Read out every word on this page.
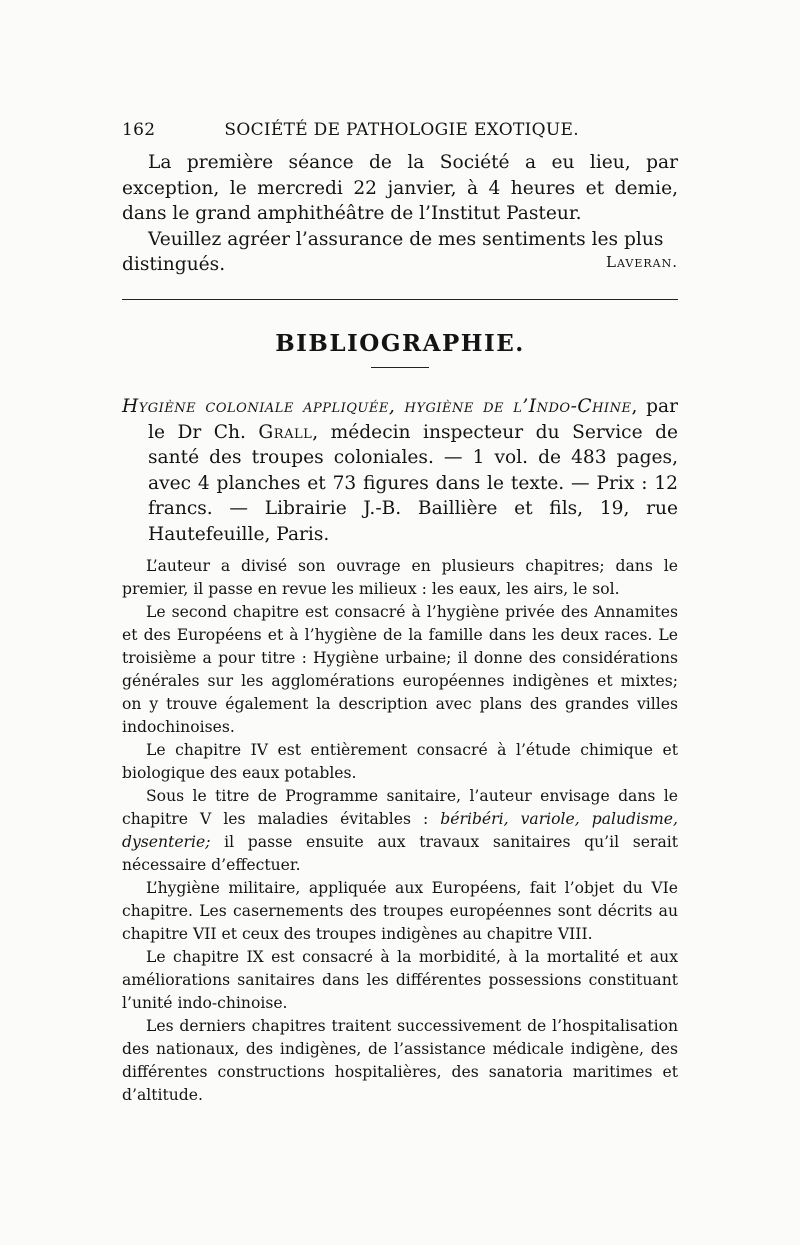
162	SOCIÉTÉ DE PATHOLOGIE EXOTIQUE.

La première séance de la Société a eu lieu, par exception, le mercredi 22 janvier, à 4 heures et demie, dans le grand amphithéâtre de l’Institut Pasteur.

Veuillez agréer l’assurance de mes sentiments les plus distingués.	Laveran.
BIBLIOGRAPHIE.

Hygiène coloniale appliquée, hygiène de l’Indo-Chine, par le Dr Ch. Grall, médecin inspecteur du Service de santé des troupes coloniales. — 1 vol. de 483 pages, avec 4 planches et 73 figures dans le texte. — Prix : 12 francs. — Librairie J.-B. Baillière et fils, 19, rue Hautefeuille, Paris.

L’auteur a divisé son ouvrage en plusieurs chapitres; dans le premier, il passe en revue les milieux : les eaux, les airs, le sol.

Le second chapitre est consacré à l’hygiène privée des Annamites et des Européens et à l’hygiène de la famille dans les deux races. Le troisième a pour titre : Hygiène urbaine; il donne des considérations générales sur les agglomérations européennes indigènes et mixtes; on y trouve également la description avec plans des grandes villes indochinoises.

Le chapitre IV est entièrement consacré à l’étude chimique et biologique des eaux potables.

Sous le titre de Programme sanitaire, l’auteur envisage dans le chapitre V les maladies évitables : béribéri, variole, paludisme, dysenterie; il passe ensuite aux travaux sanitaires qu’il serait nécessaire d’effectuer.

L’hygiène militaire, appliquée aux Européens, fait l’objet du VIe chapitre. Les casernements des troupes européennes sont décrits au chapitre VII et ceux des troupes indigènes au chapitre VIII.

Le chapitre IX est consacré à la morbidité, à la mortalité et aux améliorations sanitaires dans les différentes possessions constituant l’unité indo-chinoise.

Les derniers chapitres traitent successivement de l’hospitalisation des nationaux, des indigènes, de l’assistance médicale indigène, des différentes constructions hospitalières, des sanatoria maritimes et d’altitude.
